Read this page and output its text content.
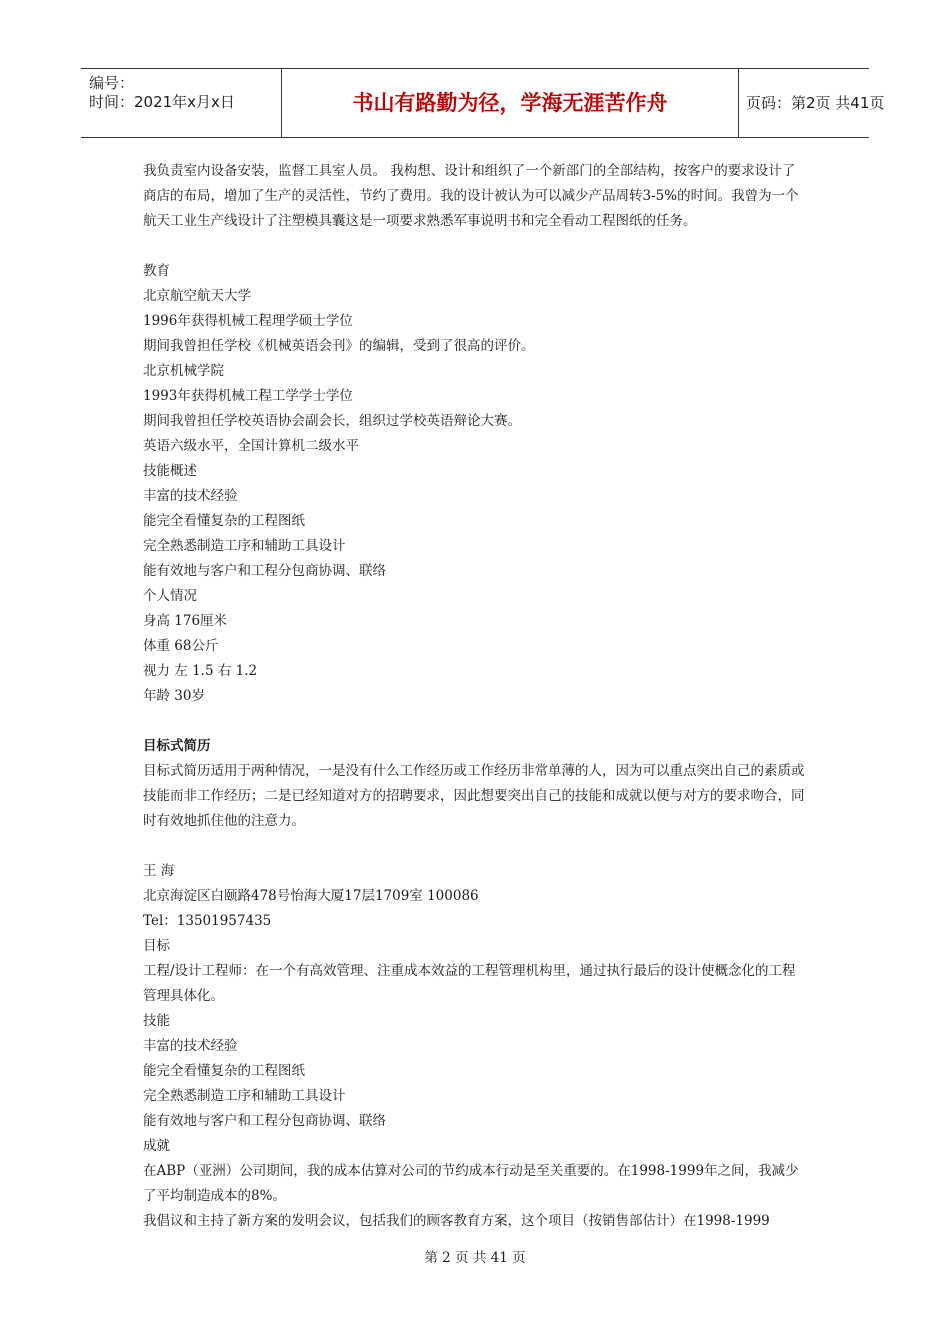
编号：
时间：2021年x月x日	书山有路勤为径，学海无涯苦作舟	页码：第2页 共41页

我负责室内设备安装，监督工具室人员。 我构想、设计和组织了一个新部门的全部结构，按客户的要求设计了商店的布局，增加了生产的灵活性，节约了费用。我的设计被认为可以减少产品周转3-5%的时间。我曾为一个航天工业生产线设计了注塑模具囊这是一项要求熟悉军事说明书和完全看动工程图纸的任务。

教育

北京航空航天大学

1996年获得机械工程理学硕士学位

期间我曾担任学校《机械英语会刊》的编辑，受到了很高的评价。

北京机械学院

1993年获得机械工程工学学士学位

期间我曾担任学校英语协会副会长，组织过学校英语辩论大赛。

英语六级水平，全国计算机二级水平

技能概述

丰富的技术经验

能完全看懂复杂的工程图纸

完全熟悉制造工序和辅助工具设计

能有效地与客户和工程分包商协调、联络

个人情况

身高 176厘米

体重 68公斤

视力 左 1.5 右 1.2

年龄 30岁

目标式简历

目标式简历适用于两种情况，一是没有什么工作经历或工作经历非常单薄的人，因为可以重点突出自己的素质或技能而非工作经历；二是已经知道对方的招聘要求，因此想要突出自己的技能和成就以便与对方的要求吻合，同时有效地抓住他的注意力。

王 海

北京海淀区白颐路478号怡海大厦17层1709室 100086

Tel：13501957435

目标

工程/设计工程师：在一个有高效管理、注重成本效益的工程管理机构里，通过执行最后的设计使概念化的工程管理具体化。

技能

丰富的技术经验

能完全看懂复杂的工程图纸

完全熟悉制造工序和辅助工具设计

能有效地与客户和工程分包商协调、联络

成就

在ABP（亚洲）公司期间，我的成本估算对公司的节约成本行动是至关重要的。在1998-1999年之间，我减少了平均制造成本的8%。

我倡议和主持了新方案的发明会议，包括我们的顾客教育方案，这个项目（按销售部估计）在1998-1999

第 2 页 共 41 页
